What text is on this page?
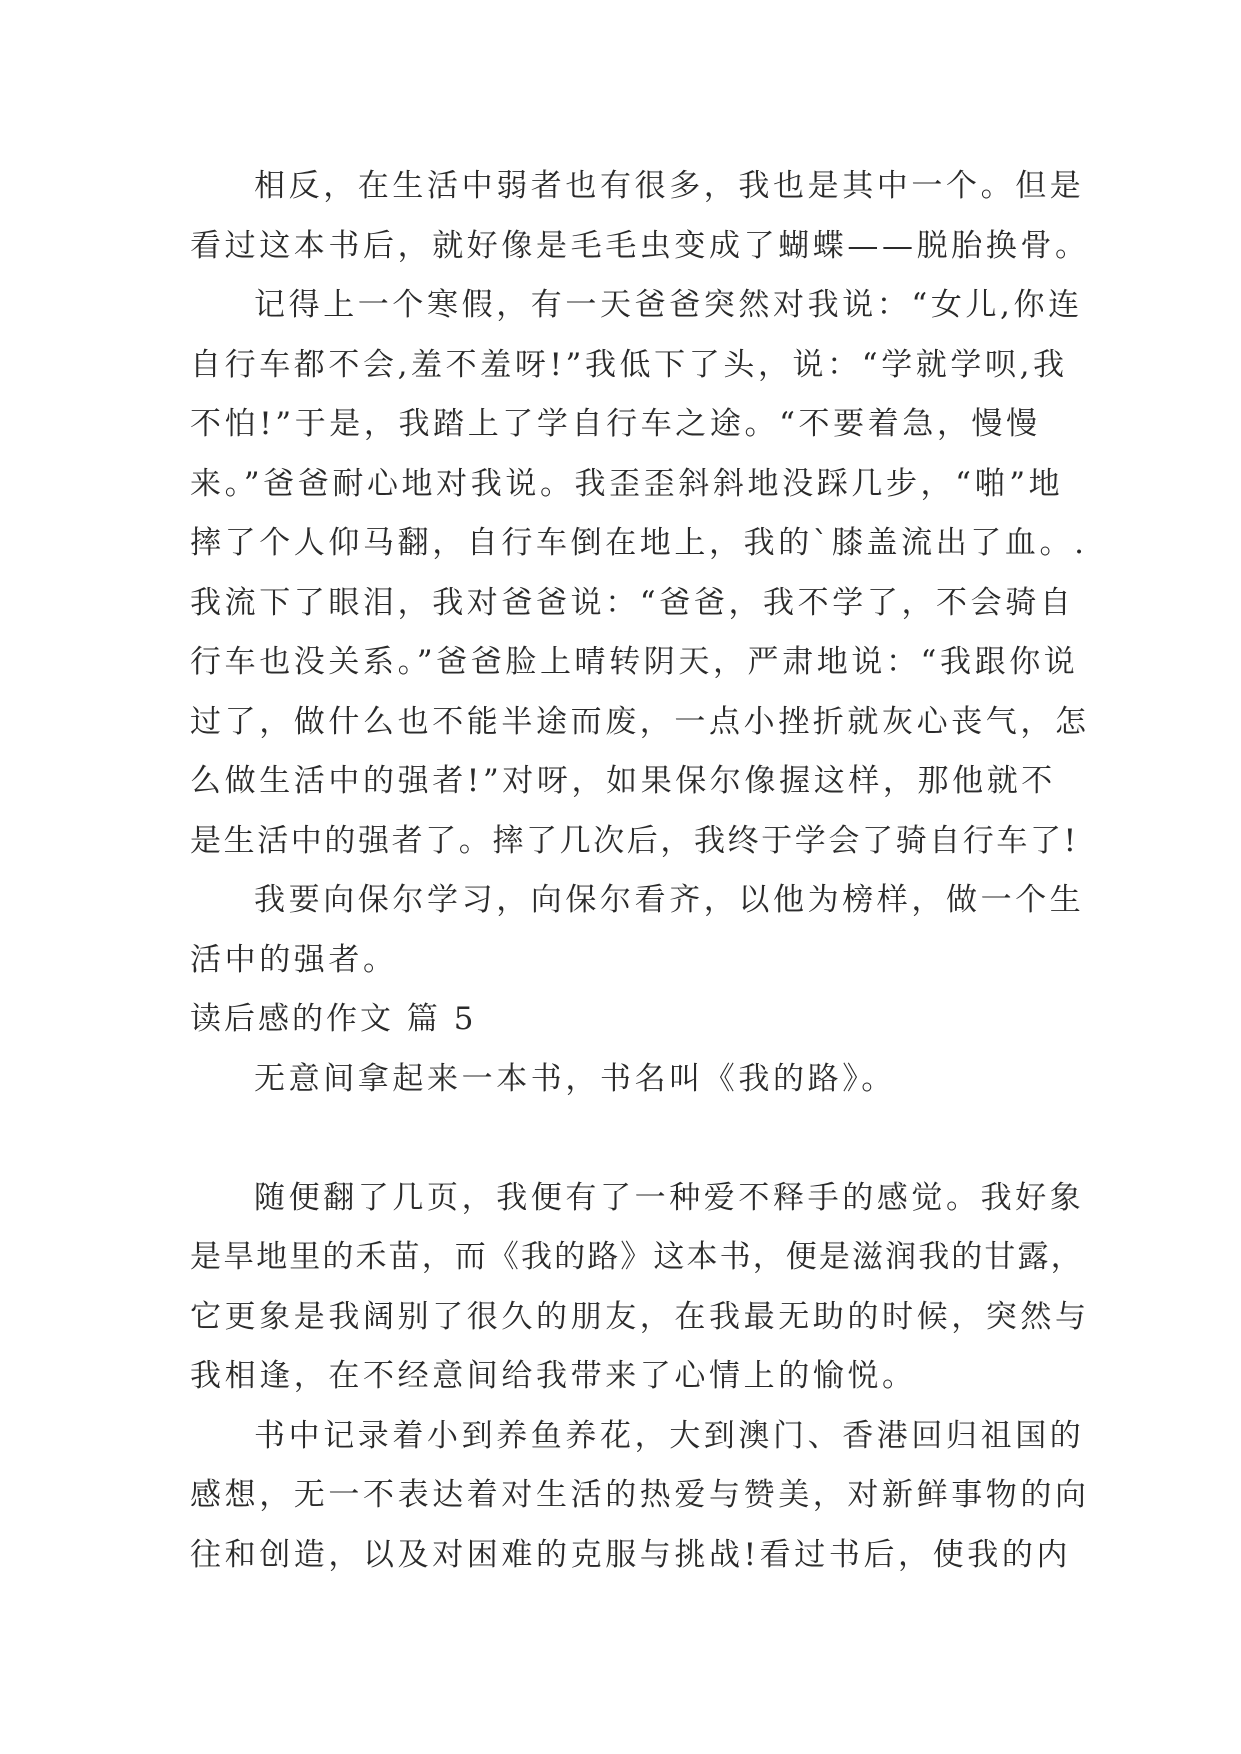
相反，在生活中弱者也有很多，我也是其中一个。但是
看过这本书后，就好像是毛毛虫变成了蝴蝶——脱胎换骨。
记得上一个寒假，有一天爸爸突然对我说：“女儿,你连
自行车都不会,羞不羞呀!”我低下了头，说：“学就学呗,我
不怕!”于是，我踏上了学自行车之途。“不要着急，慢慢
来。”爸爸耐心地对我说。我歪歪斜斜地没踩几步，“啪”地
摔了个人仰马翻，自行车倒在地上，我的`膝盖流出了血。.
我流下了眼泪，我对爸爸说：“爸爸，我不学了，不会骑自
行车也没关系。”爸爸脸上晴转阴天，严肃地说：“我跟你说
过了，做什么也不能半途而废，一点小挫折就灰心丧气，怎
么做生活中的强者!”对呀，如果保尔像握这样，那他就不
是生活中的强者了。摔了几次后，我终于学会了骑自行车了!
我要向保尔学习，向保尔看齐，以他为榜样，做一个生
活中的强者。
读后感的作文 篇 5
无意间拿起来一本书，书名叫《我的路》。
随便翻了几页，我便有了一种爱不释手的感觉。我好象
是旱地里的禾苗，而《我的路》这本书，便是滋润我的甘露，
它更象是我阔别了很久的朋友，在我最无助的时候，突然与
我相逢，在不经意间给我带来了心情上的愉悦。
书中记录着小到养鱼养花，大到澳门、香港回归祖国的
感想，无一不表达着对生活的热爱与赞美，对新鲜事物的向
往和创造，以及对困难的克服与挑战!看过书后，使我的内
